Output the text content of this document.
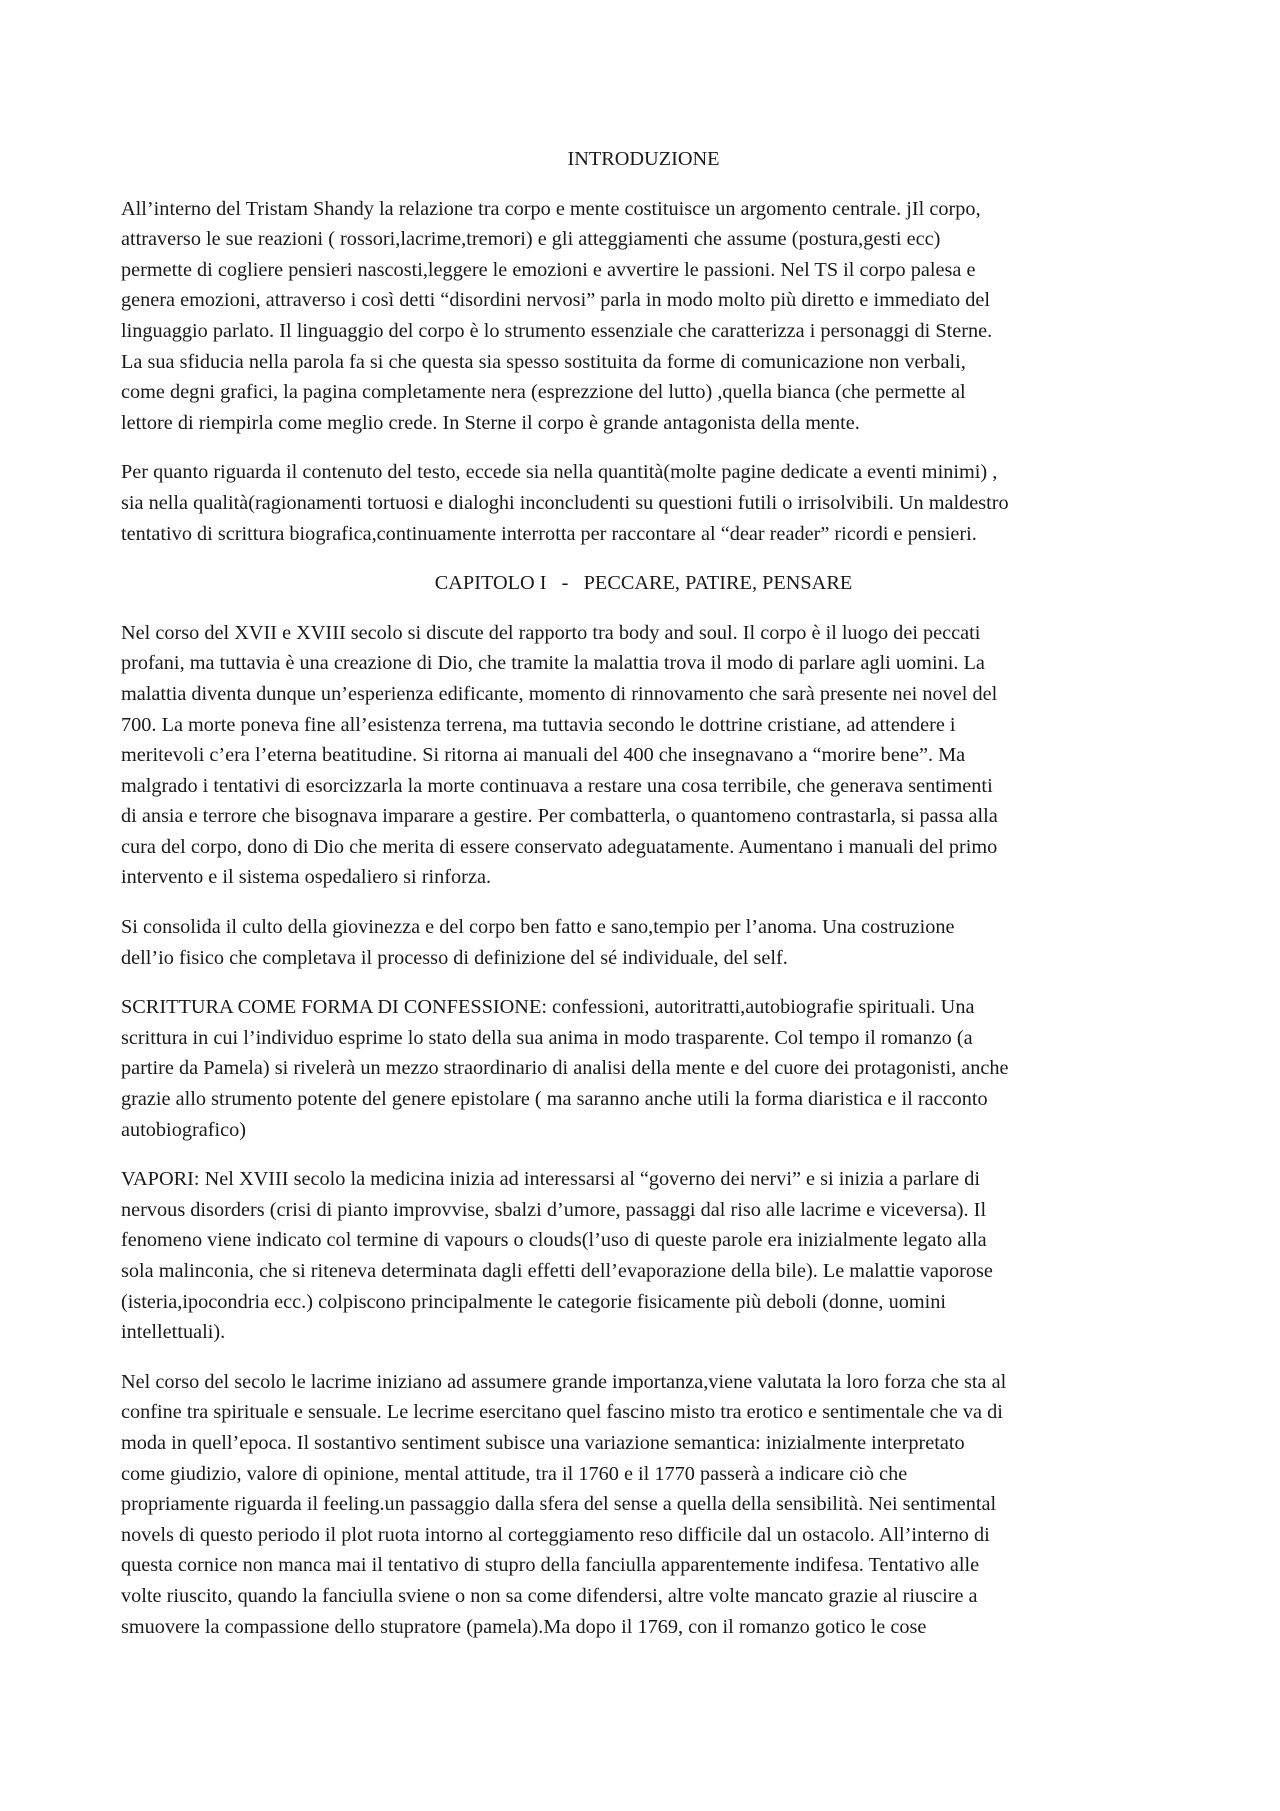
INTRODUZIONE

All’interno del Tristam Shandy la relazione tra corpo e mente costituisce un argomento centrale. jIl corpo,
attraverso le sue reazioni ( rossori,lacrime,tremori) e gli atteggiamenti che assume (postura,gesti ecc)
permette di cogliere pensieri nascosti,leggere le emozioni e avvertire le passioni. Nel TS il corpo palesa e
genera emozioni, attraverso i così detti “disordini nervosi” parla in modo molto più diretto e immediato del
linguaggio parlato. Il linguaggio del corpo è lo strumento essenziale che caratterizza i personaggi di Sterne.
La sua sfiducia nella parola fa si che questa sia spesso sostituita da forme di comunicazione non verbali,
come degni grafici, la pagina completamente nera (esprezzione del lutto) ,quella bianca (che permette al
lettore di riempirla come meglio crede. In Sterne il corpo è grande antagonista della mente.

Per quanto riguarda il contenuto del testo, eccede sia nella quantità(molte pagine dedicate a eventi minimi) ,
sia nella qualità(ragionamenti tortuosi e dialoghi inconcludenti su questioni futili o irrisolvibili. Un maldestro
tentativo di scrittura biografica,continuamente interrotta per raccontare al “dear reader” ricordi e pensieri.

CAPITOLO I   -   PECCARE, PATIRE, PENSARE

Nel corso del XVII e XVIII secolo si discute del rapporto tra body and soul. Il corpo è il luogo dei peccati
profani, ma tuttavia è una creazione di Dio, che tramite la malattia trova il modo di parlare agli uomini. La
malattia diventa dunque un’esperienza edificante, momento di rinnovamento che sarà presente nei novel del
700. La morte poneva fine all’esistenza terrena, ma tuttavia secondo le dottrine cristiane, ad attendere i
meritevoli c’era l’eterna beatitudine. Si ritorna ai manuali del 400 che insegnavano a “morire bene”. Ma
malgrado i tentativi di esorcizzarla la morte continuava a restare una cosa terribile, che generava sentimenti
di ansia e terrore che bisognava imparare a gestire. Per combatterla, o quantomeno contrastarla, si passa alla
cura del corpo, dono di Dio che merita di essere conservato adeguatamente. Aumentano i manuali del primo
intervento e il sistema ospedaliero si rinforza.

Si consolida il culto della giovinezza e del corpo ben fatto e sano,tempio per l’anoma. Una costruzione
dell’io fisico che completava il processo di definizione del sé individuale, del self.

SCRITTURA COME FORMA DI CONFESSIONE: confessioni, autoritratti,autobiografie spirituali. Una
scrittura in cui l’individuo esprime lo stato della sua anima in modo trasparente. Col tempo il romanzo (a
partire da Pamela) si rivelerà un mezzo straordinario di analisi della mente e del cuore dei protagonisti, anche
grazie allo strumento potente del genere epistolare ( ma saranno anche utili la forma diaristica e il racconto
autobiografico)

VAPORI: Nel XVIII secolo la medicina inizia ad interessarsi al “governo dei nervi” e si inizia a parlare di
nervous disorders (crisi di pianto improvvise, sbalzi d’umore, passaggi dal riso alle lacrime e viceversa). Il
fenomeno viene indicato col termine di vapours o clouds(l’uso di queste parole era inizialmente legato alla
sola malinconia, che si riteneva determinata dagli effetti dell’evaporazione della bile). Le malattie vaporose
(isteria,ipocondria ecc.) colpiscono principalmente le categorie fisicamente più deboli (donne, uomini
intellettuali).

Nel corso del secolo le lacrime iniziano ad assumere grande importanza,viene valutata la loro forza che sta al
confine tra spirituale e sensuale. Le lecrime esercitano quel fascino misto tra erotico e sentimentale che va di
moda in quell’epoca. Il sostantivo sentiment subisce una variazione semantica: inizialmente interpretato
come giudizio, valore di opinione, mental attitude, tra il 1760 e il 1770 passerà a indicare ciò che
propriamente riguarda il feeling.un passaggio dalla sfera del sense a quella della sensibilità. Nei sentimental
novels di questo periodo il plot ruota intorno al corteggiamento reso difficile dal un ostacolo. All’interno di
questa cornice non manca mai il tentativo di stupro della fanciulla apparentemente indifesa. Tentativo alle
volte riuscito, quando la fanciulla sviene o non sa come difendersi, altre volte mancato grazie al riuscire a
smuovere la compassione dello stupratore (pamela).Ma dopo il 1769, con il romanzo gotico le cose
